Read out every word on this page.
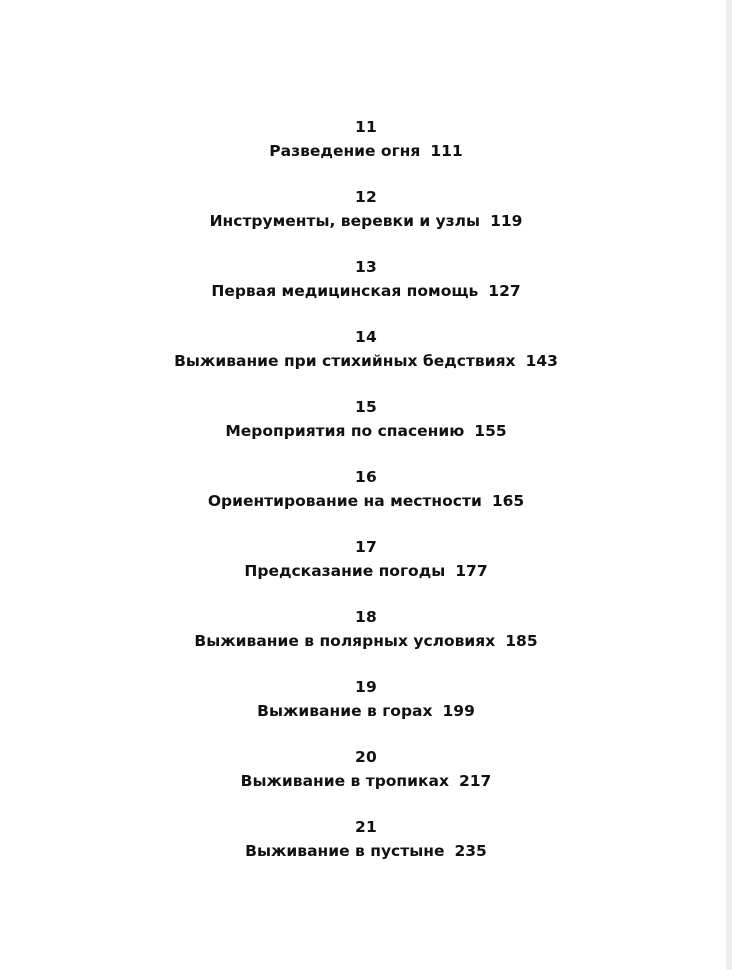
11
Разведение огня 111
12
Инструменты, веревки и узлы 119
13
Первая медицинская помощь 127
14
Выживание при стихийных бедствиях 143
15
Мероприятия по спасению 155
16
Ориентирование на местности 165
17
Предсказание погоды 177
18
Выживание в полярных условиях 185
19
Выживание в горах 199
20
Выживание в тропиках 217
21
Выживание в пустыне 235
